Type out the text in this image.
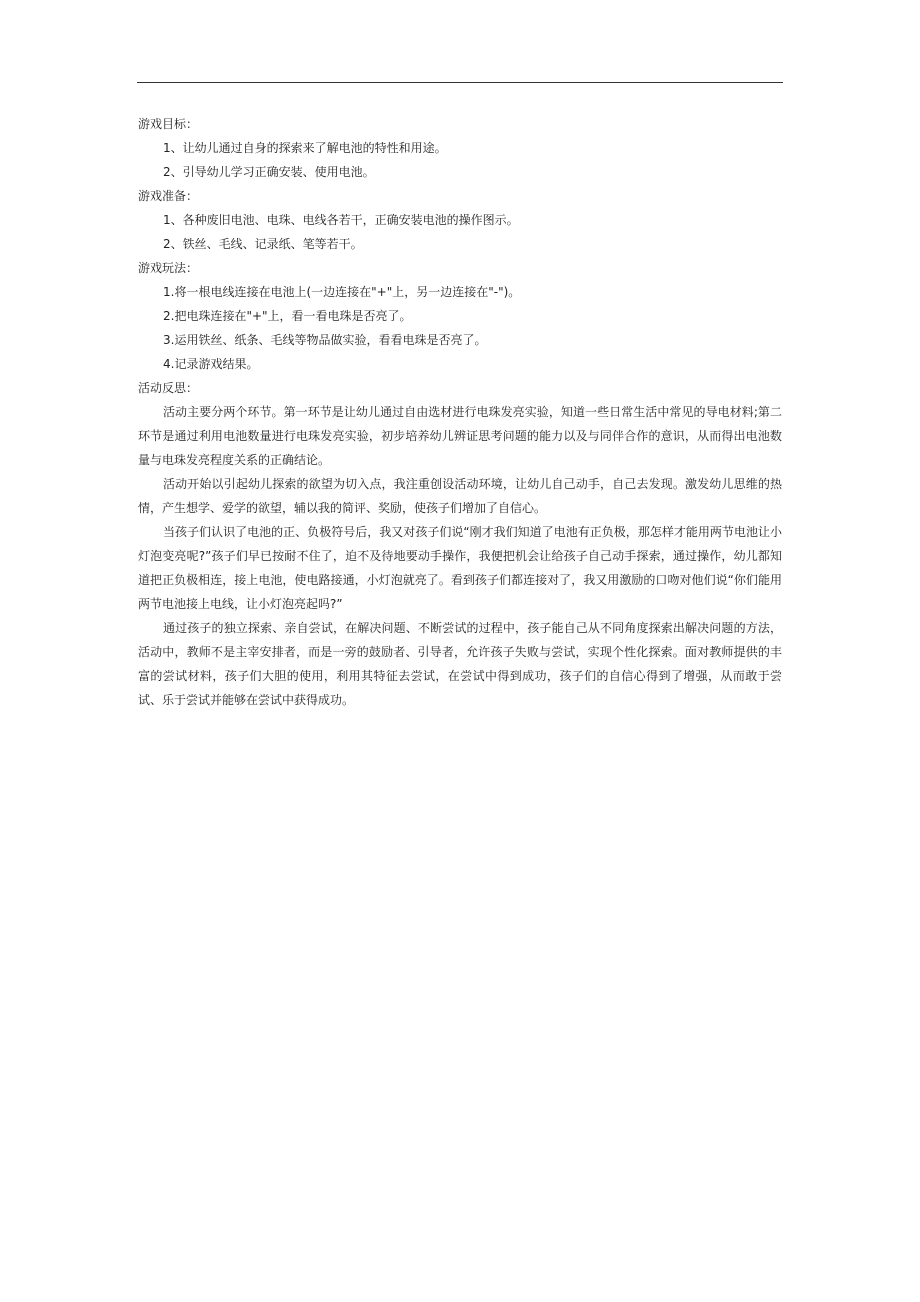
游戏目标：

1、让幼儿通过自身的探索来了解电池的特性和用途。

2、引导幼儿学习正确安装、使用电池。

游戏准备：

1、各种废旧电池、电珠、电线各若干，正确安装电池的操作图示。

2、铁丝、毛线、记录纸、笔等若干。

游戏玩法：

1.将一根电线连接在电池上(一边连接在"+"上，另一边连接在"-")。

2.把电珠连接在"+"上，看一看电珠是否亮了。

3.运用铁丝、纸条、毛线等物品做实验，看看电珠是否亮了。

4.记录游戏结果。

活动反思：

活动主要分两个环节。第一环节是让幼儿通过自由选材进行电珠发亮实验，知道一些日常生活中常见的导电材料;第二环节是通过利用电池数量进行电珠发亮实验，初步培养幼儿辨证思考问题的能力以及与同伴合作的意识，从而得出电池数量与电珠发亮程度关系的正确结论。

活动开始以引起幼儿探索的欲望为切入点，我注重创设活动环境，让幼儿自己动手，自己去发现。激发幼儿思维的热情，产生想学、爱学的欲望，辅以我的简评、奖励，使孩子们增加了自信心。

当孩子们认识了电池的正、负极符号后，我又对孩子们说“刚才我们知道了电池有正负极，那怎样才能用两节电池让小灯泡变亮呢?”孩子们早已按耐不住了，迫不及待地要动手操作，我便把机会让给孩子自己动手探索，通过操作，幼儿都知道把正负极相连，接上电池，使电路接通，小灯泡就亮了。看到孩子们都连接对了，我又用激励的口吻对他们说“你们能用两节电池接上电线，让小灯泡亮起吗?”

通过孩子的独立探索、亲自尝试，在解决问题、不断尝试的过程中，孩子能自己从不同角度探索出解决问题的方法，活动中，教师不是主宰安排者，而是一旁的鼓励者、引导者，允许孩子失败与尝试，实现个性化探索。面对教师提供的丰富的尝试材料，孩子们大胆的使用，利用其特征去尝试，在尝试中得到成功，孩子们的自信心得到了增强，从而敢于尝试、乐于尝试并能够在尝试中获得成功。
